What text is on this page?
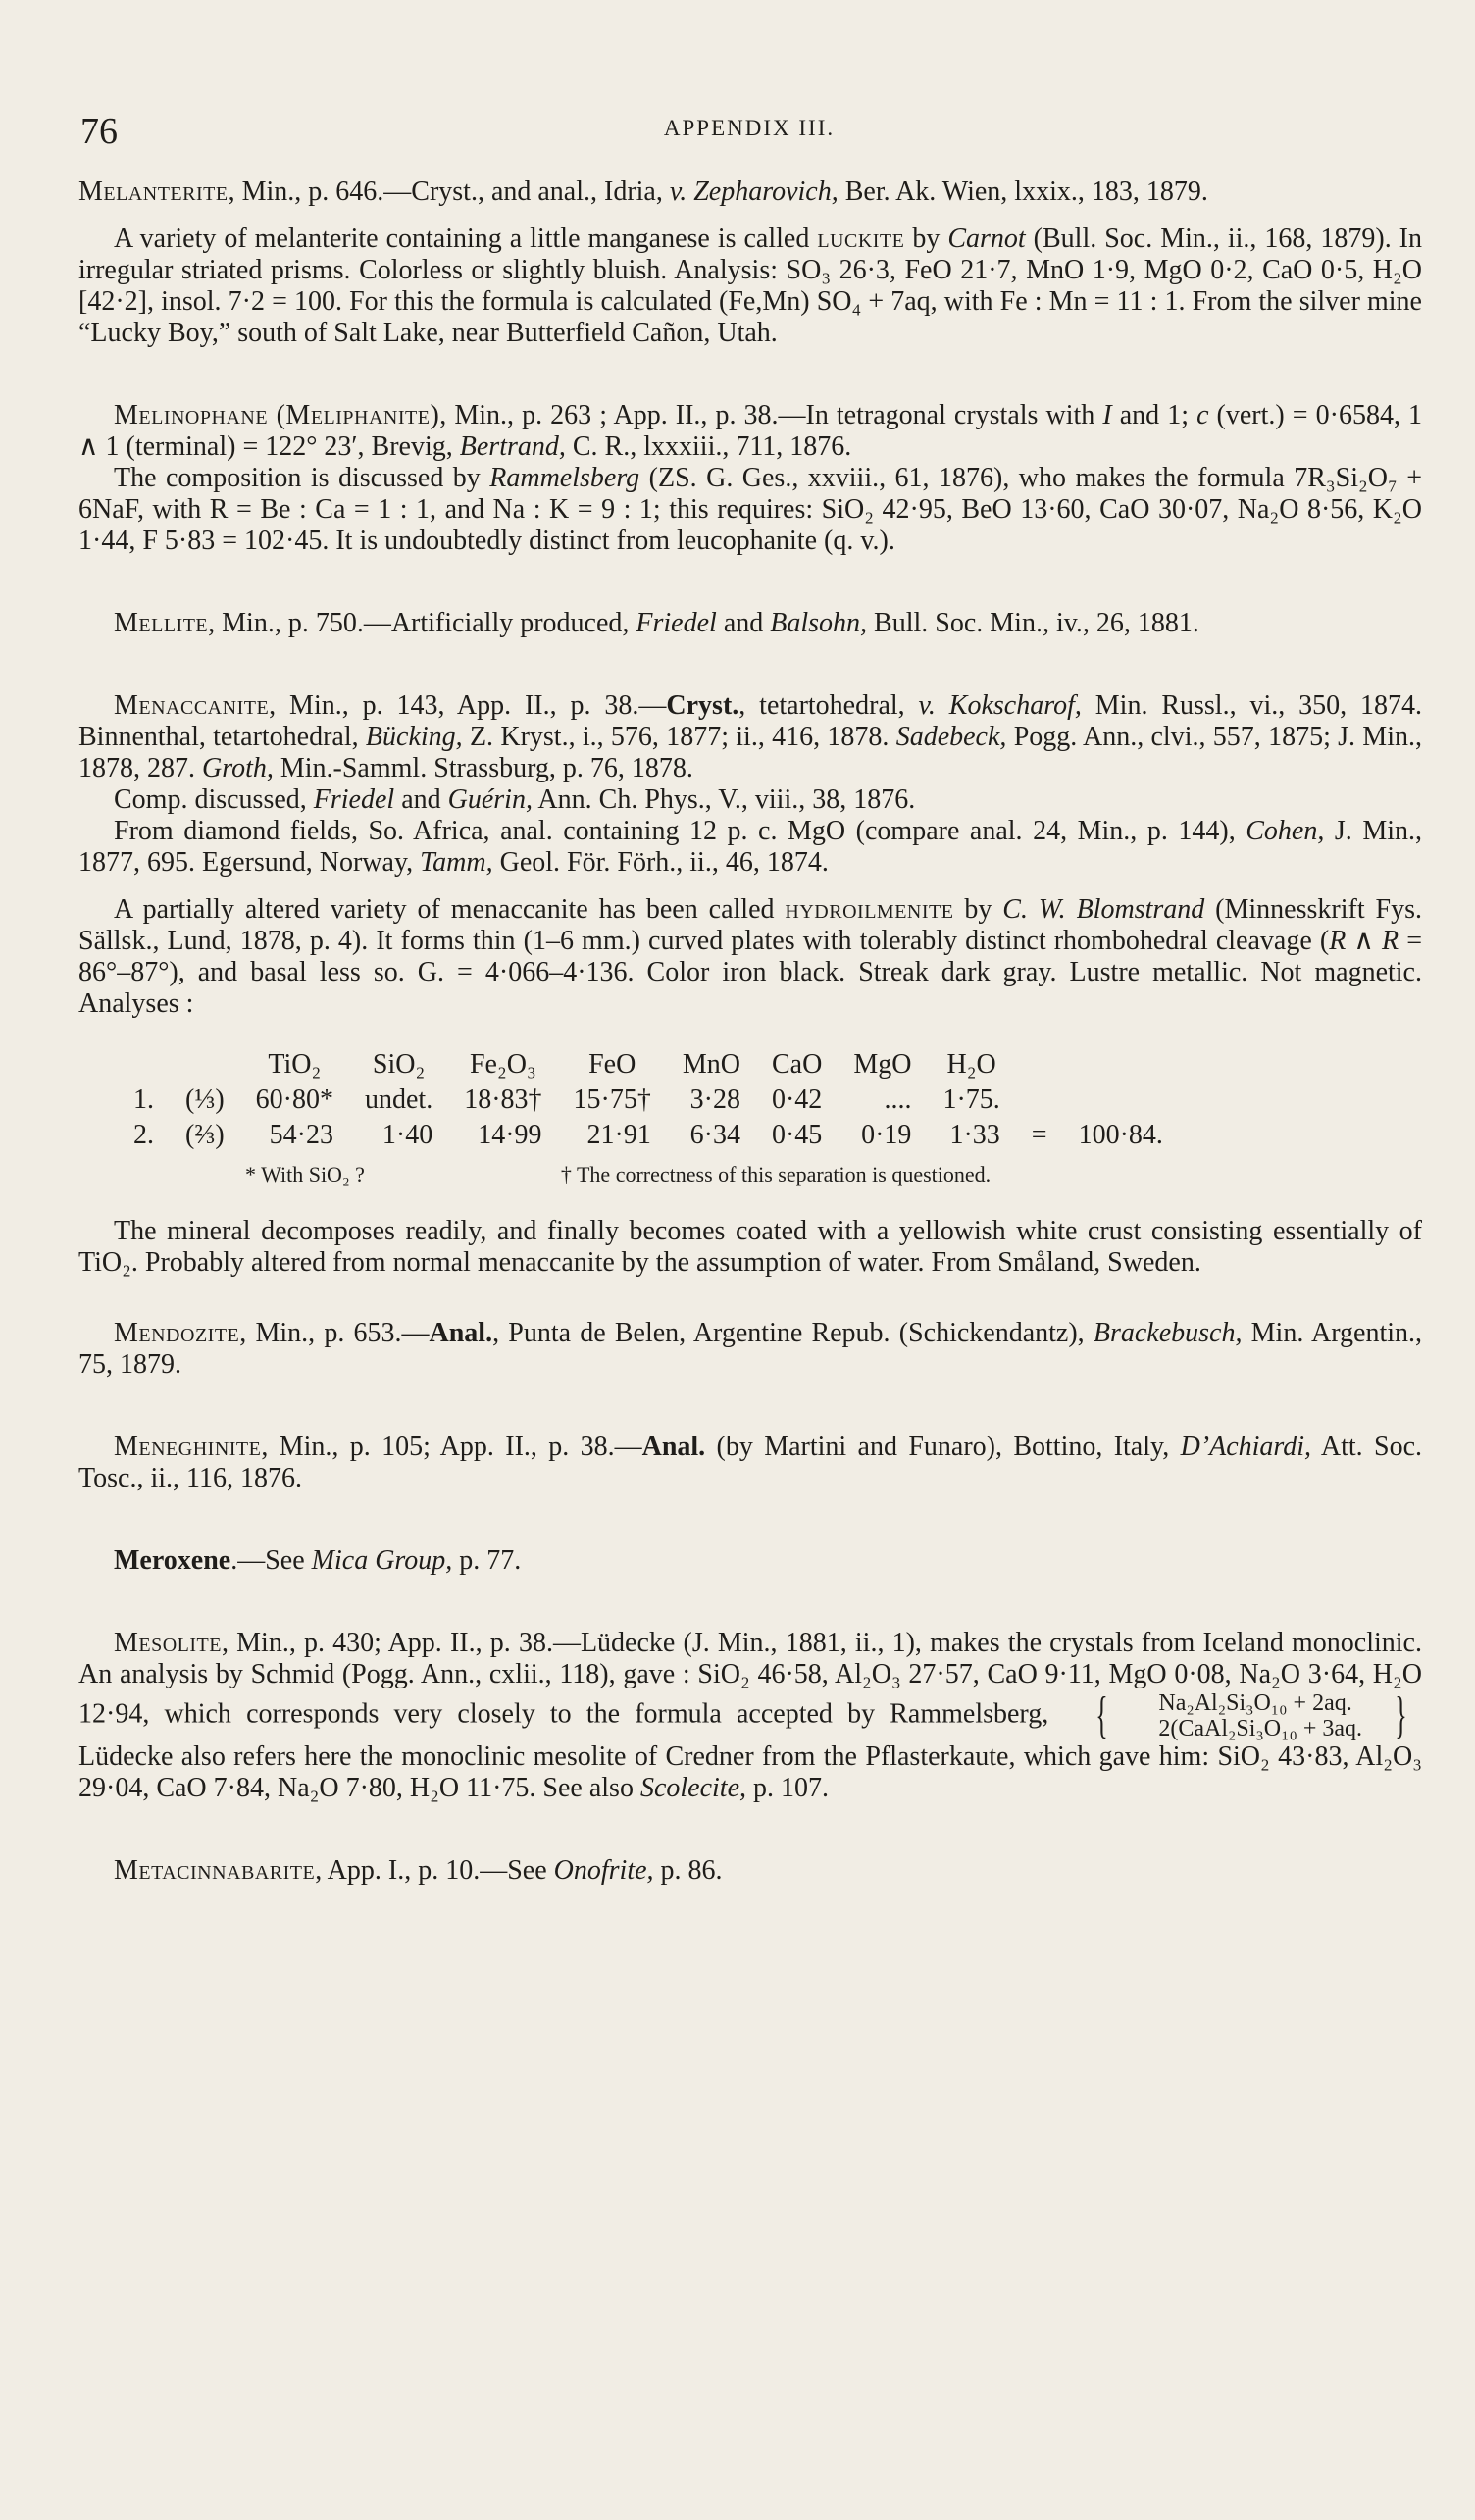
76	APPENDIX III.

Melanterite, Min., p. 646.—Cryst., and anal., Idria, v. Zepharovich, Ber. Ak. Wien, lxxix., 183, 1879.

A variety of melanterite containing a little manganese is called luckite by Carnot (Bull. Soc. Min., ii., 168, 1879). In irregular striated prisms. Colorless or slightly bluish. Analysis: SO₃ 26·3, FeO 21·7, MnO 1·9, MgO 0·2, CaO 0·5, H₂O [42·2], insol. 7·2 = 100. For this the formula is calculated (Fe,Mn) SO₄ + 7aq, with Fe : Mn = 11 : 1. From the silver mine “Lucky Boy,” south of Salt Lake, near Butterfield Cañon, Utah.

Melinophane (Meliphanite), Min., p. 263 ; App. II., p. 38.—In tetragonal crystals with I and 1; c (vert.) = 0·6584, 1 ∧ 1 (terminal) = 122° 23′, Brevig, Bertrand, C. R., lxxxiii., 711, 1876.

The composition is discussed by Rammelsberg (ZS. G. Ges., xxviii., 61, 1876), who makes the formula 7R₃Si₂O₇ + 6NaF, with R = Be : Ca = 1 : 1, and Na : K = 9 : 1; this requires: SiO₂ 42·95, BeO 13·60, CaO 30·07, Na₂O 8·56, K₂O 1·44, F 5·83 = 102·45. It is undoubtedly distinct from leucophanite (q. v.).

Mellite, Min., p. 750.—Artificially produced, Friedel and Balsohn, Bull. Soc. Min., iv., 26, 1881.

Menaccanite, Min., p. 143, App. II., p. 38.—Cryst., tetartohedral, v. Kokscharof, Min. Russl., vi., 350, 1874. Binnenthal, tetartohedral, Bücking, Z. Kryst., i., 576, 1877; ii., 416, 1878. Sadebeck, Pogg. Ann., clvi., 557, 1875; J. Min., 1878, 287. Groth, Min.-Samml. Strassburg, p. 76, 1878.

Comp. discussed, Friedel and Guérin, Ann. Ch. Phys., V., viii., 38, 1876.

From diamond fields, So. Africa, anal. containing 12 p. c. MgO (compare anal. 24, Min., p. 144), Cohen, J. Min., 1877, 695. Egersund, Norway, Tamm, Geol. För. Förh., ii., 46, 1874.

A partially altered variety of menaccanite has been called hydroilmenite by C. W. Blomstrand (Minnesskrift Fys. Sällsk., Lund, 1878, p. 4). It forms thin (1–6 mm.) curved plates with tolerably distinct rhombohedral cleavage (R ∧ R = 86°–87°), and basal less so. G. = 4·066–4·136. Color iron black. Streak dark gray. Lustre metallic. Not magnetic. Analyses :

		TiO₂	SiO₂	Fe₂O₃	FeO	MnO	CaO	MgO	H₂O		
1.	(⅓)	60·80*	undet.	18·83†	15·75†	3·28	0·42	....	1·75.		
2.	(⅔)	54·23	1·40	14·99	21·91	6·34	0·45	0·19	1·33	=	100·84.
* With SiO₂ ?	† The correctness of this separation is questioned.

The mineral decomposes readily, and finally becomes coated with a yellowish white crust consisting essentially of TiO₂. Probably altered from normal menaccanite by the assumption of water. From Småland, Sweden.

Mendozite, Min., p. 653.—Anal., Punta de Belen, Argentine Repub. (Schickendantz), Brackebusch, Min. Argentin., 75, 1879.

Meneghinite, Min., p. 105; App. II., p. 38.—Anal. (by Martini and Funaro), Bottino, Italy, D’Achiardi, Att. Soc. Tosc., ii., 116, 1876.

Meroxene.—See Mica Group, p. 77.

Mesolite, Min., p. 430; App. II., p. 38.—Lüdecke (J. Min., 1881, ii., 1), makes the crystals from Iceland monoclinic. An analysis by Schmid (Pogg. Ann., cxlii., 118), gave : SiO₂ 46·58, Al₂O₃ 27·57, CaO 9·11, MgO 0·08, Na₂O 3·64, H₂O 12·94, which corresponds very closely to the formula accepted by Rammelsberg, {	Na₂Al₂Si₃O₁₀ + 2aq.
2(CaAl₂Si₃O₁₀ + 3aq. }
Lüdecke also refers here the monoclinic mesolite of Credner from the Pflasterkaute, which gave him: SiO₂ 43·83, Al₂O₃ 29·04, CaO 7·84, Na₂O 7·80, H₂O 11·75. See also Scolecite, p. 107.

Metacinnabarite, App. I., p. 10.—See Onofrite, p. 86.
